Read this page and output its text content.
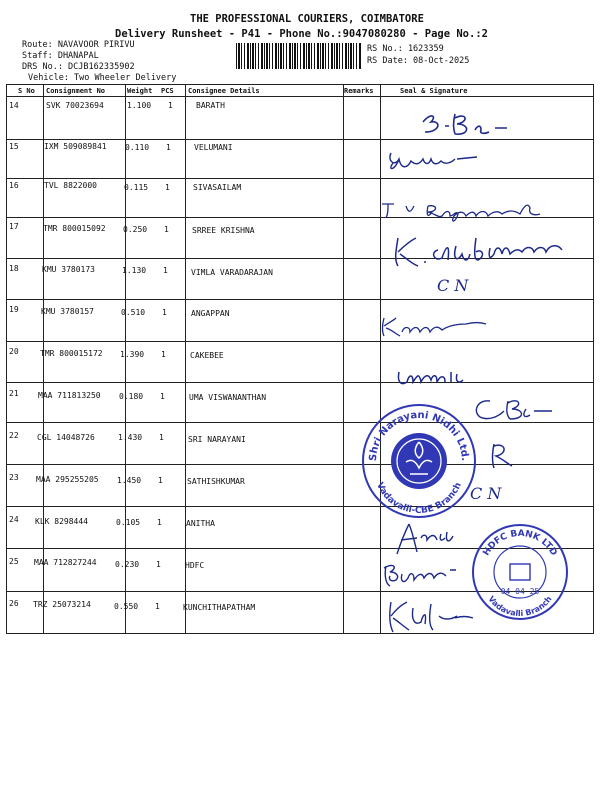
THE PROFESSIONAL COURIERS, COIMBATORE
Delivery Runsheet - P41 - Phone No.:9047080280 - Page No.:2
Route: NAVAVOOR PIRIVU
Staff: DHANAPAL
DRS No.: DCJB162335902
Vehicle: Two Wheeler Delivery
RS No.: 1623359
RS Date: 08-Oct-2025
S No Consignment No	Weight PCS Consignee Details	Remarks	Seal & Signature
14	SVK 70023694	1.100 1	BARATH
15	IXM 509089841 0.110 1	VELUMANI
16	TVL 8822000	0.115 1	SIVASAILAM
17	TMR 800015092 0.250 1	SRREE KRISHNA
18	KMU 3780173	1.130 1	VIMLA VARADARAJAN
19	KMU 3780157	0.510 1	ANGAPPAN
20	TMR 800015172 1.390 1	CAKEBEE
21 MAA 711813250 0.180 1	UMA VISWANANTHAN
22 CGL 14048726	1.430 1	SRI NARAYANI
23 MAA 295255205 1.450 1	SATHISHKUMAR
24 KLK 8298444	0.105 1	ANITHA
25 MAA 712827244 0.230 1	HDFC
26 TRZ 25073214	0.550 1	KUNCHITHAPATHAM
C N
C N
Shri Narayani Nidhi Ltd.
Vadavalli-CBE Branch
HDFC BANK LTD
Vadavalli Branch
04 04 25
